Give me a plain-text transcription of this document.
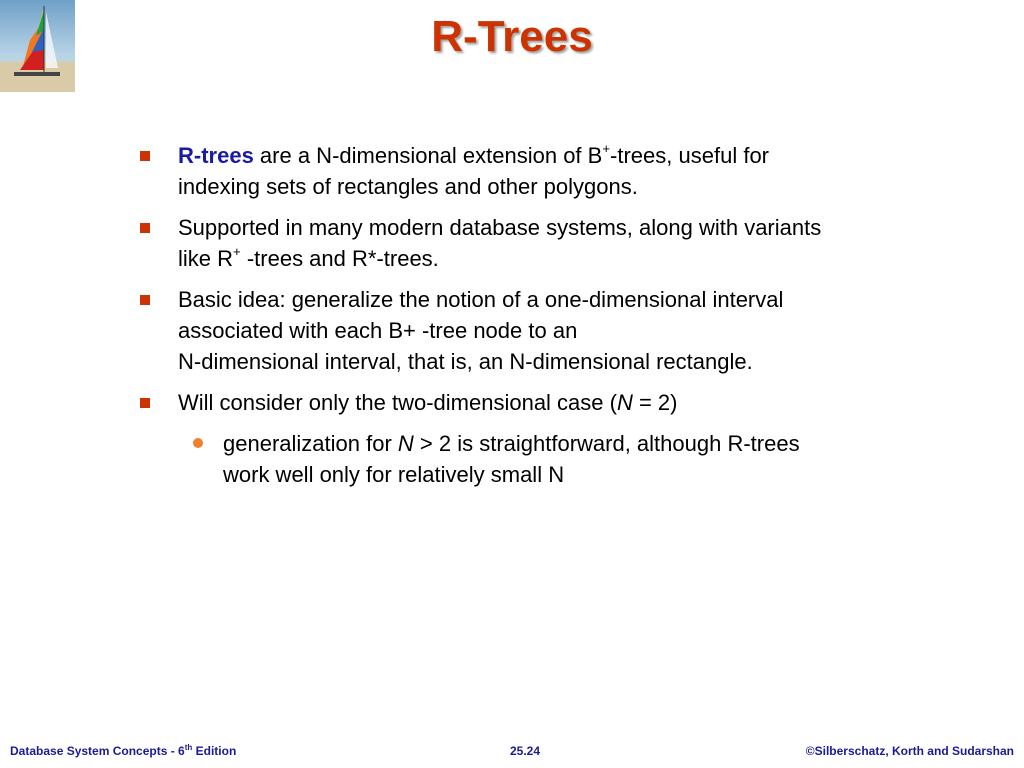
R-Trees
R-trees are a N-dimensional extension of B+-trees, useful for
indexing sets of rectangles and other polygons.
Supported in many modern database systems, along with variants
like R+ -trees and R*-trees.
Basic idea: generalize the notion of a one-dimensional interval
associated with each B+ -tree node to an
N-dimensional interval, that is, an N-dimensional rectangle.
Will consider only the two-dimensional case (N = 2)
generalization for N > 2 is straightforward, although R-trees
work well only for relatively small N
Database System Concepts - 6th Edition	25.24	©Silberschatz, Korth and Sudarshan
